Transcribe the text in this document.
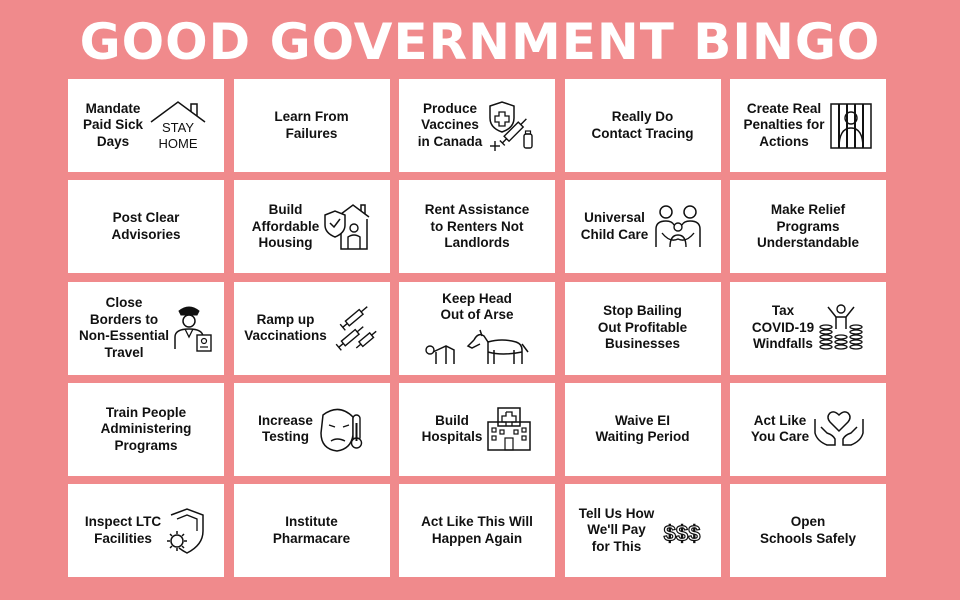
GOOD GOVERNMENT BINGO
Mandate
Paid Sick
Days
STAY
HOME
Learn From
Failures
Produce
Vaccines
in Canada
Really Do
Contact Tracing
Create Real
Penalties for
Actions
Post Clear
Advisories
Build
Affordable
Housing
Rent Assistance
to Renters Not
Landlords
Universal
Child Care
Make Relief
Programs
Understandable
Close
Borders to
Non-Essential
Travel
Ramp up
Vaccinations
Keep Head
Out of Arse	Stop Bailing
Out Profitable
Businesses
Tax
COVID-19
Windfalls
Train People
Administering
Programs
Increase
Testing
Build
Hospitals
Waive EI
Waiting Period
Act Like
You Care
Inspect LTC
Facilities
Institute
Pharmacare
Act Like This Will
Happen Again
Tell Us How
We'll Pay
for This
$$$	Open
Schools Safely
